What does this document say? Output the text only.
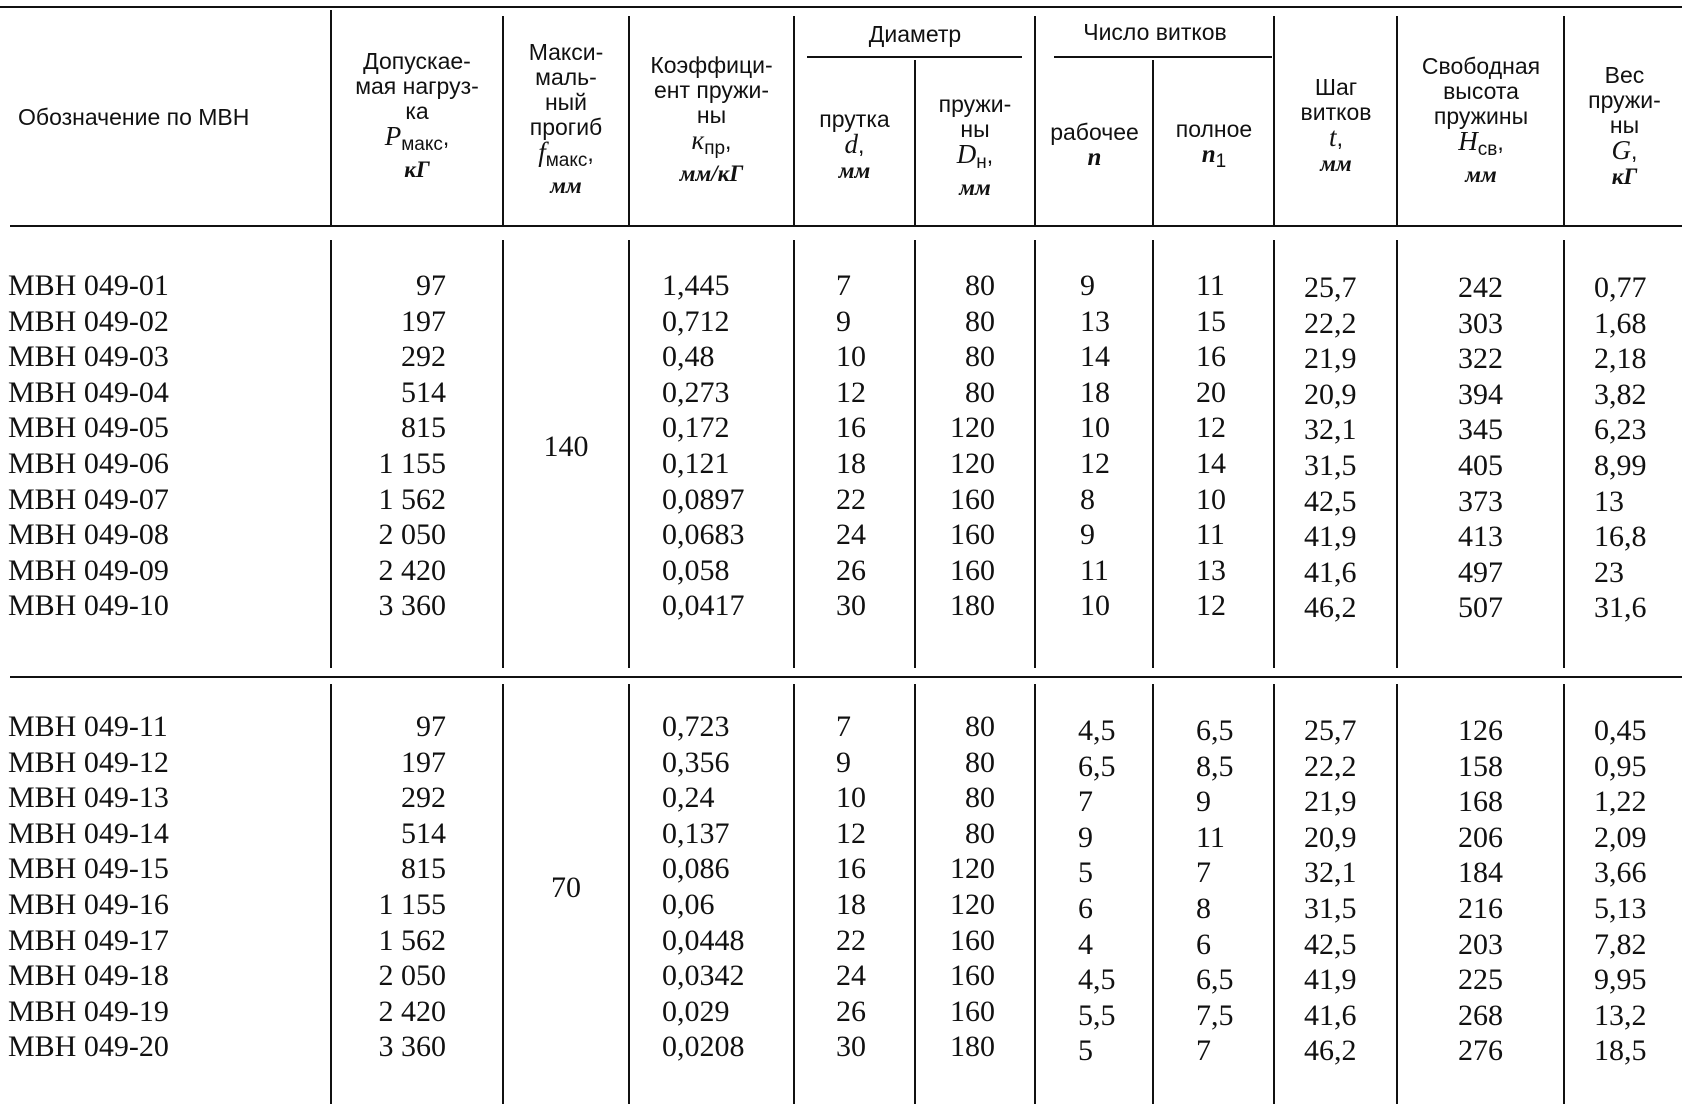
Обозначение по МВН
Допускае-
мая нагруз-
ка
$P_{макс}$,
кГ
Макси-
маль-
ный
прогиб
$f_{макс}$,
мм
Коэффици-
ент пружи-
ны
$к_{пр}$,
мм/кГ
Диаметр
прутка
d,
мм
пружи-
ны
$D_н$,
мм
Число витков
рабочее
n
полное
$n_1$
Шаг
витков
t,
мм
Свободная
высота
пружины
$H_{св}$,
мм
Вес
пружи-
ны
G,
кГ
МВН 049-01
МВН 049-02
МВН 049-03
МВН 049-04
МВН 049-05
МВН 049-06
МВН 049-07
МВН 049-08
МВН 049-09
МВН 049-10
97
197
292
514
815
1 155
1 562
2 050
2 420
3 360
140
1,445
0,712
0,48
0,273
0,172
0,121
0,0897
0,0683
0,058
0,0417
7
9
10
12
16
18
22
24
26
30
80
80
80
80
120
120
160
160
160
180
9
13
14
18
10
12
8
9
11
10
11
15
16
20
12
14
10
11
13
12
25,7
22,2
21,9
20,9
32,1
31,5
42,5
41,9
41,6
46,2
242
303
322
394
345
405
373
413
497
507
0,77
1,68
2,18
3,82
6,23
8,99
13
16,8
23
31,6
МВН 049-11
МВН 049-12
МВН 049-13
МВН 049-14
МВН 049-15
МВН 049-16
МВН 049-17
МВН 049-18
МВН 049-19
МВН 049-20
97
197
292
514
815
1 155
1 562
2 050
2 420
3 360
70
0,723
0,356
0,24
0,137
0,086
0,06
0,0448
0,0342
0,029
0,0208
7
9
10
12
16
18
22
24
26
30
80
80
80
80
120
120
160
160
160
180
4,5
6,5
7
9
5
6
4
4,5
5,5
5
6,5
8,5
9
11
7
8
6
6,5
7,5
7
25,7
22,2
21,9
20,9
32,1
31,5
42,5
41,9
41,6
46,2
126
158
168
206
184
216
203
225
268
276
0,45
0,95
1,22
2,09
3,66
5,13
7,82
9,95
13,2
18,5
